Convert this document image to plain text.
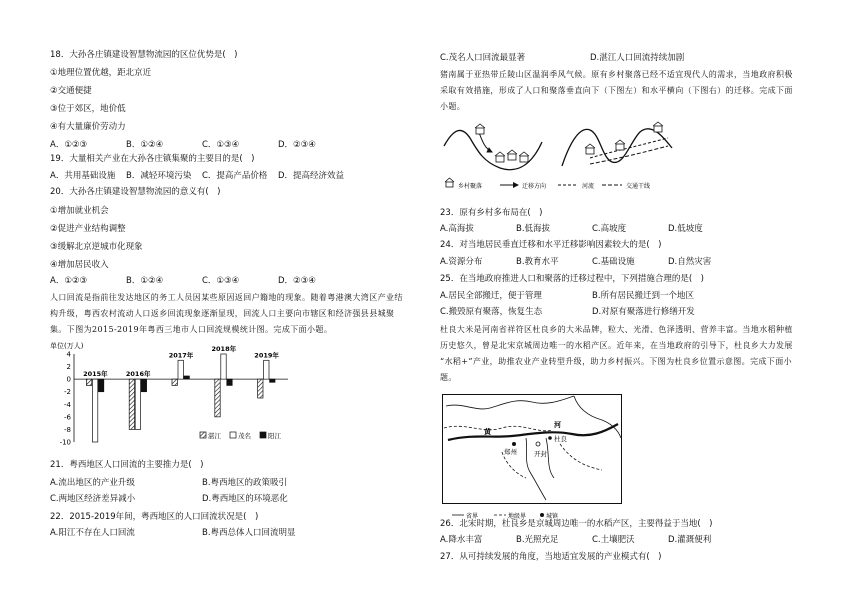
18．大孙各庄镇建设智慧物流园的区位优势是(　)
①地理位置优越，距北京近
②交通便捷
③位于郊区，地价低
④有大量廉价劳动力
A．①②③	B．①②④	C．①③④	D．②③④
19．大量相关产业在大孙各庄镇集聚的主要目的是(　)
A．共用基础设施 B．减轻环境污染 C．提高产品价格 D．提高经济效益
20．大孙各庄镇建设智慧物流园的意义有(　)
①增加就业机会
②促进产业结构调整
③缓解北京逆城市化现象
④增加居民收入
A．①②③	B．①②④	C．①③④	D．②③④
人口回流是指前往发达地区的务工人员因某些原因返回户籍地的现象。随着粤港澳大湾区产业结
构升级，粤西农村流动人口返乡回流现象逐渐显现，回流人口主要向市辖区和经济强县县城聚
集。下图为2015-2019年粤西三地市人口回流规模统计图。完成下面小题。
单位(万人)
4
2
0
-2
-4
-6
-8
-10
2015年	2016年
2017年
2018年
2019年
湛江	茂名	阳江
21．粤西地区人口回流的主要推力是(　)
A.流出地区的产业升级	B.粤西地区的政策吸引
C.两地区经济差异减小	D.粤西地区的环境恶化
22．2015-2019年间，粤西地区的人口回流状况是(　)
A.阳江不存在人口回流	B.粤西总体人口回流明显
C.茂名人口回流最显著	D.湛江人口回流持续加剧
猪南属于亚热带丘陵山区温润季风气候。原有乡村聚落已经不适宜现代人的需求，当地政府积极
采取有效措施，形成了人口和聚落垂直向下（下图左）和水平横向（下图右）的迁移。完成下面
小题。
乡村聚落	迁移方向	河流	交通干线
23．原有乡村多布局在(　)
A.高海拔	B.低海拔	C.高坡度	D.低坡度
24．对当地居民垂直迁移和水平迁移影响因素较大的是(　)
A.资源分布	B.教育水平	C.基础设施	D.自然灾害
25．在当地政府推进人口和聚落的迁移过程中，下列措施合理的是(　)
A.居民全部搬迁，便于管理	B.所有居民搬迁到一个地区
C.搬毁原有聚落，恢复生态	D.对原有聚落进行修缮开发
杜良大米是河南省祥符区杜良乡的大米品牌，粒大、光滑、色泽透明、营养丰富。当地水稻种植
历史悠久，曾是北宋京城周边唯一的水稻产区。近年来，在当地政府的引导下，杜良乡大力发展
“水稻+”产业，助推农业产业转型升级，助力乡村振兴。下图为杜良乡位置示意图。完成下面小
题。
黄
河
郑州	开封
杜良
省界	地级界	城镇
26．北宋时期，杜良乡是京城周边唯一的水稻产区，主要得益于当地(　)
A.降水丰富	B.光照充足	C.土壤肥沃	D.灌溉便利
27．从可持续发展的角度，当地适宜发展的产业模式有(　)
